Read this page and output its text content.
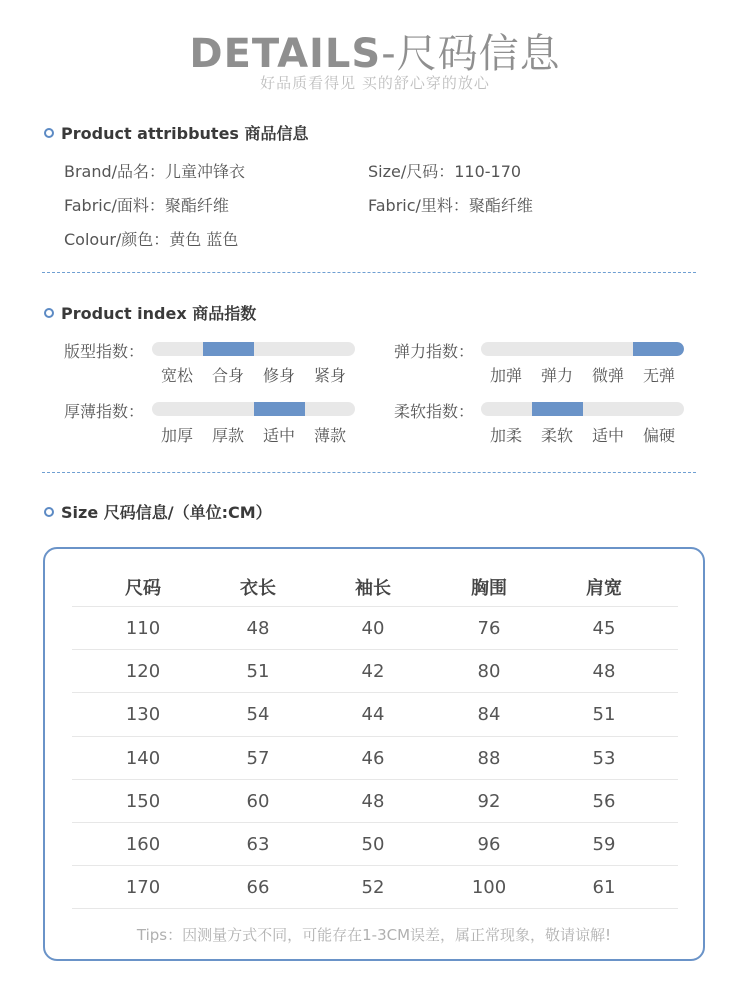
DETAILS-尺码信息
好品质看得见 买的舒心穿的放心
Product attribbutes 商品信息
Brand/品名：儿童冲锋衣	Size/尺码：110-170
Fabric/面料：聚酯纤维	Fabric/里料：聚酯纤维
Colour/颜色：黄色 蓝色
Product index 商品指数
版型指数：
宽松	合身	修身	紧身
弹力指数：
加弹	弹力	微弹	无弹
厚薄指数：
加厚	厚款	适中	薄款
柔软指数：
加柔	柔软	适中	偏硬
Size 尺码信息/（单位:CM）
尺码	衣长	袖长	胸围	肩宽
110	48	40	76	45
120	51	42	80	48
130	54	44	84	51
140	57	46	88	53
150	60	48	92	56
160	63	50	96	59
170	66	52	100	61
Tips：因测量方式不同，可能存在1-3CM误差，属正常现象，敬请谅解!
